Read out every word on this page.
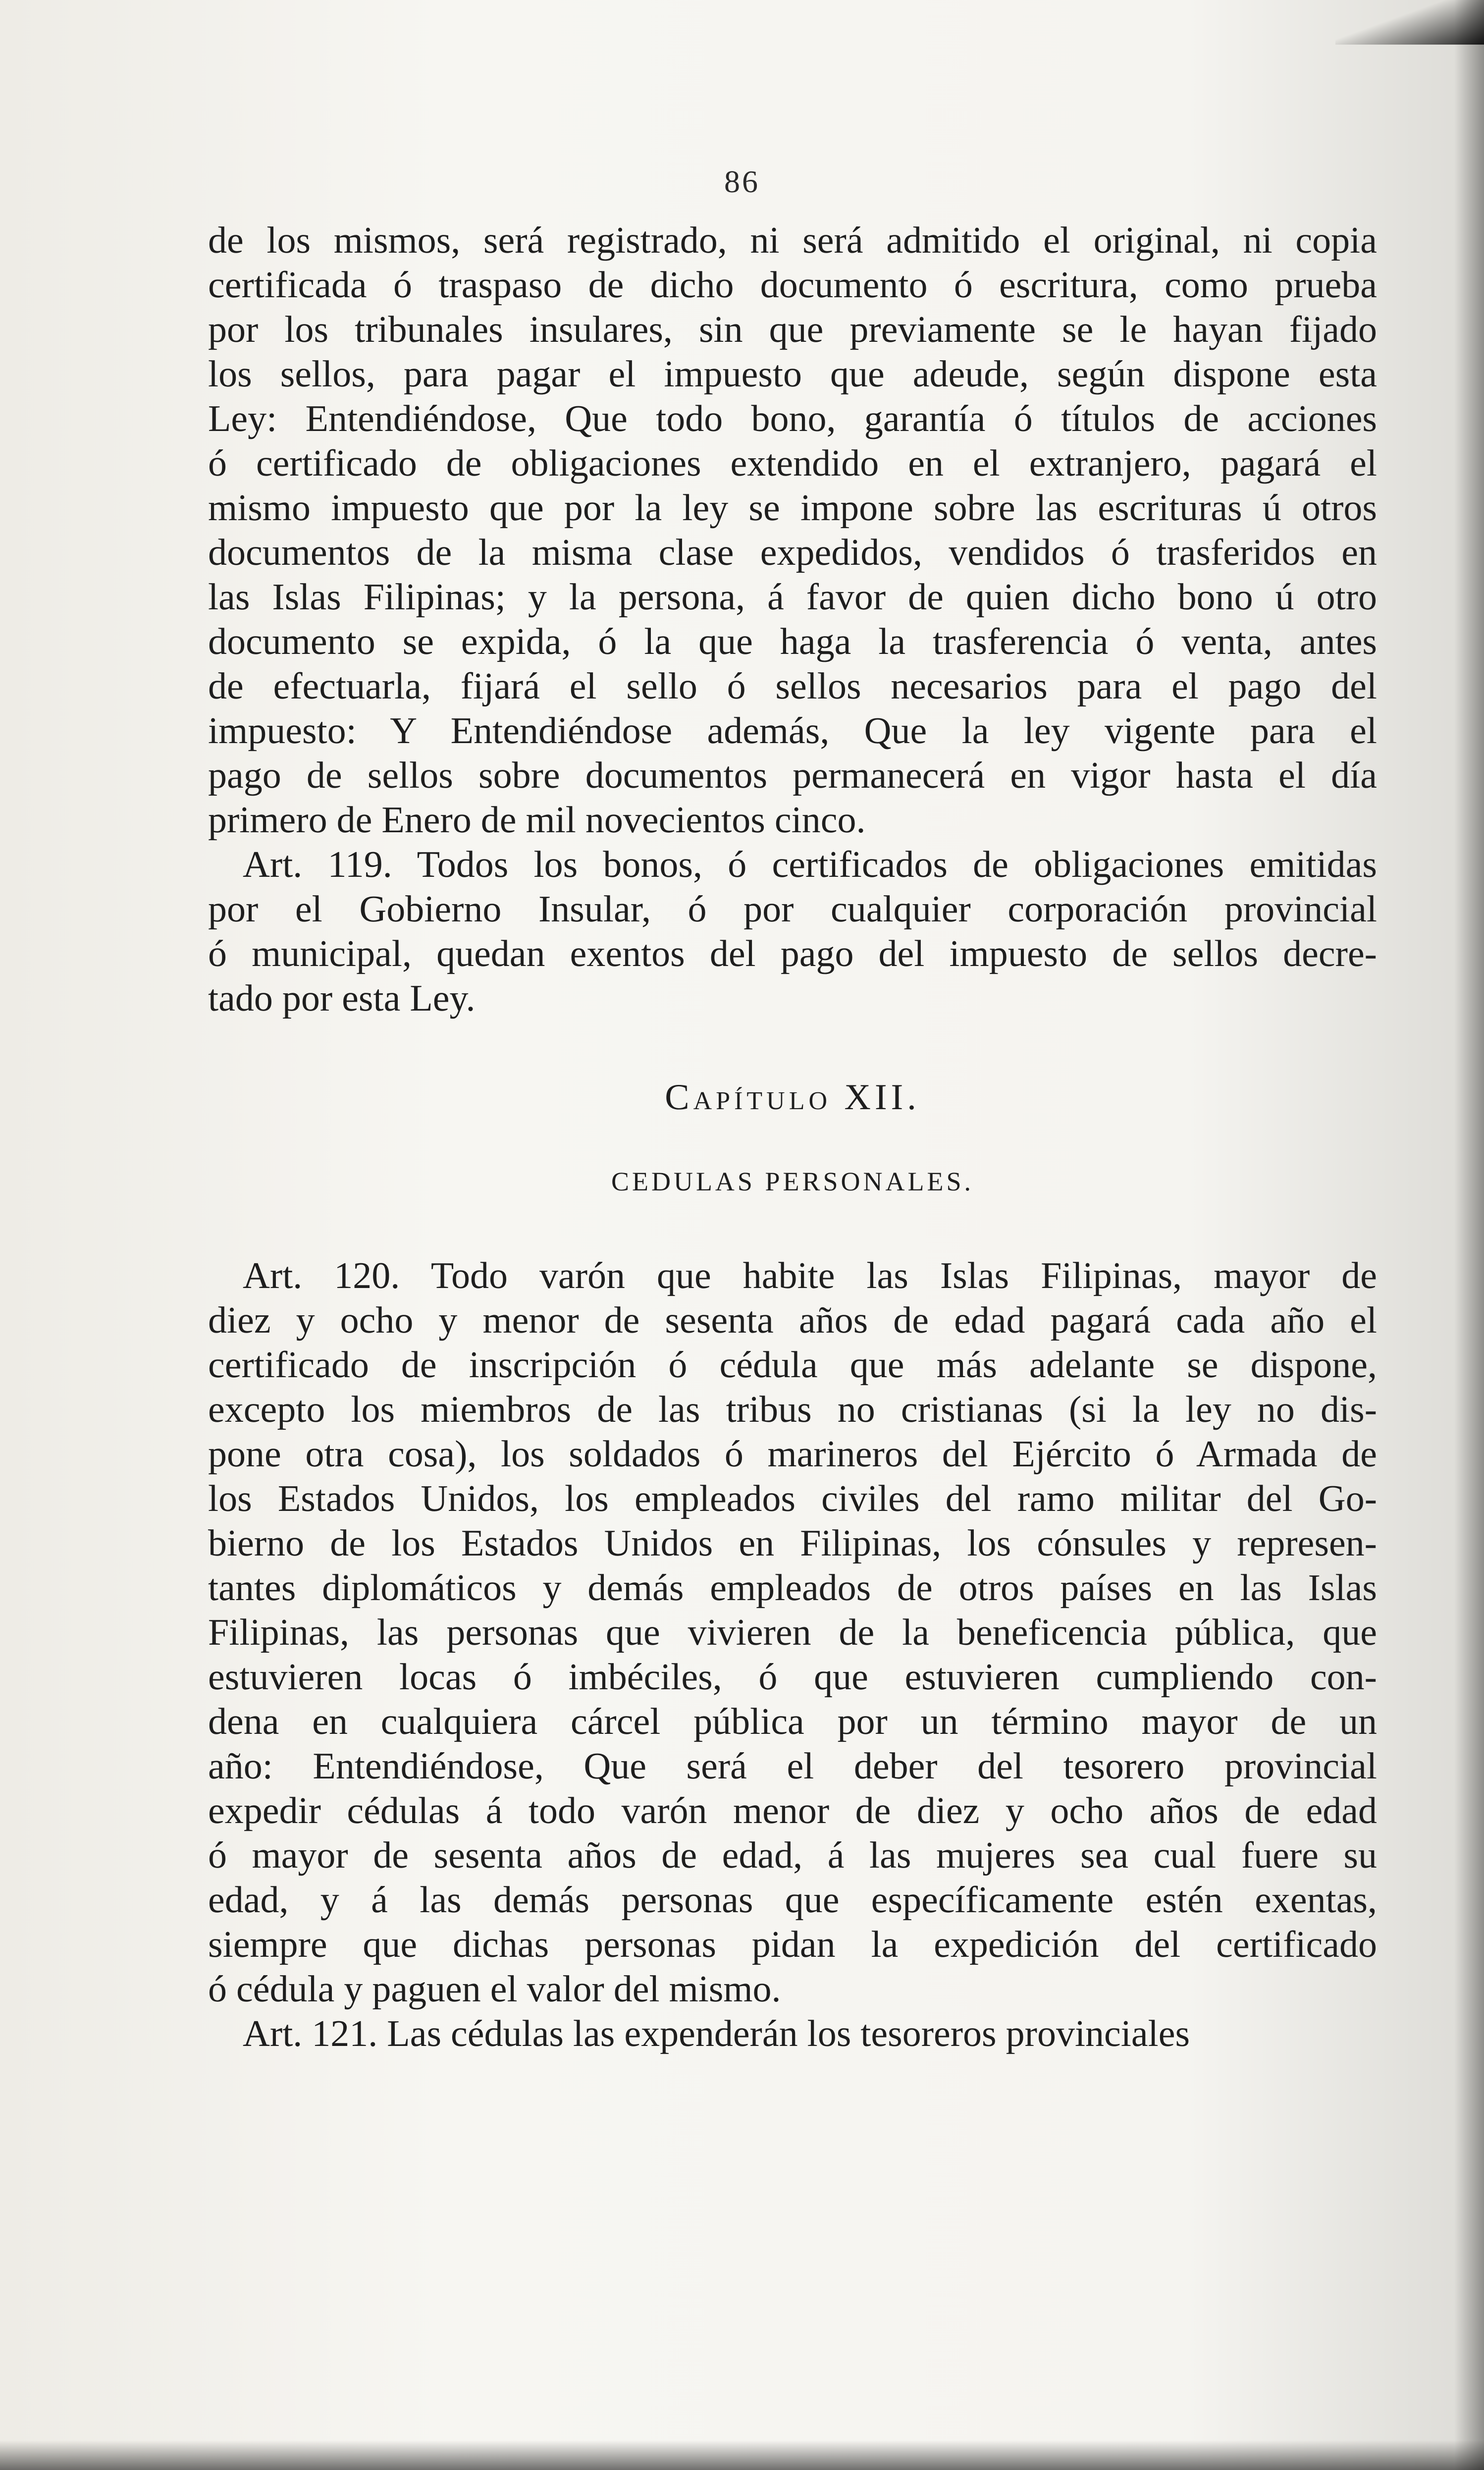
86
de los mismos, será registrado, ni será admitido el original, ni copia
certificada ó traspaso de dicho documento ó escritura, como prueba
por los tribunales insulares, sin que previamente se le hayan fijado
los sellos, para pagar el impuesto que adeude, según dispone esta
Ley: Entendiéndose, Que todo bono, garantía ó títulos de acciones
ó certificado de obligaciones extendido en el extranjero, pagará el
mismo impuesto que por la ley se impone sobre las escrituras ú otros
documentos de la misma clase expedidos, vendidos ó trasferidos en
las Islas Filipinas; y la persona, á favor de quien dicho bono ú otro
documento se expida, ó la que haga la trasferencia ó venta, antes
de efectuarla, fijará el sello ó sellos necesarios para el pago del
impuesto: Y Entendiéndose además, Que la ley vigente para el
pago de sellos sobre documentos permanecerá en vigor hasta el día
primero de Enero de mil novecientos cinco.
Art. 119. Todos los bonos, ó certificados de obligaciones emitidas
por el Gobierno Insular, ó por cualquier corporación provincial
ó municipal, quedan exentos del pago del impuesto de sellos decre-
tado por esta Ley.
Capítulo XII.
CEDULAS PERSONALES.
Art. 120. Todo varón que habite las Islas Filipinas, mayor de
diez y ocho y menor de sesenta años de edad pagará cada año el
certificado de inscripción ó cédula que más adelante se dispone,
excepto los miembros de las tribus no cristianas (si la ley no dis-
pone otra cosa), los soldados ó marineros del Ejército ó Armada de
los Estados Unidos, los empleados civiles del ramo militar del Go-
bierno de los Estados Unidos en Filipinas, los cónsules y represen-
tantes diplomáticos y demás empleados de otros países en las Islas
Filipinas, las personas que vivieren de la beneficencia pública, que
estuvieren locas ó imbéciles, ó que estuvieren cumpliendo con-
dena en cualquiera cárcel pública por un término mayor de un
año: Entendiéndose, Que será el deber del tesorero provincial
expedir cédulas á todo varón menor de diez y ocho años de edad
ó mayor de sesenta años de edad, á las mujeres sea cual fuere su
edad, y á las demás personas que específicamente estén exentas,
siempre que dichas personas pidan la expedición del certificado
ó cédula y paguen el valor del mismo.
Art. 121. Las cédulas las expenderán los tesoreros provinciales
